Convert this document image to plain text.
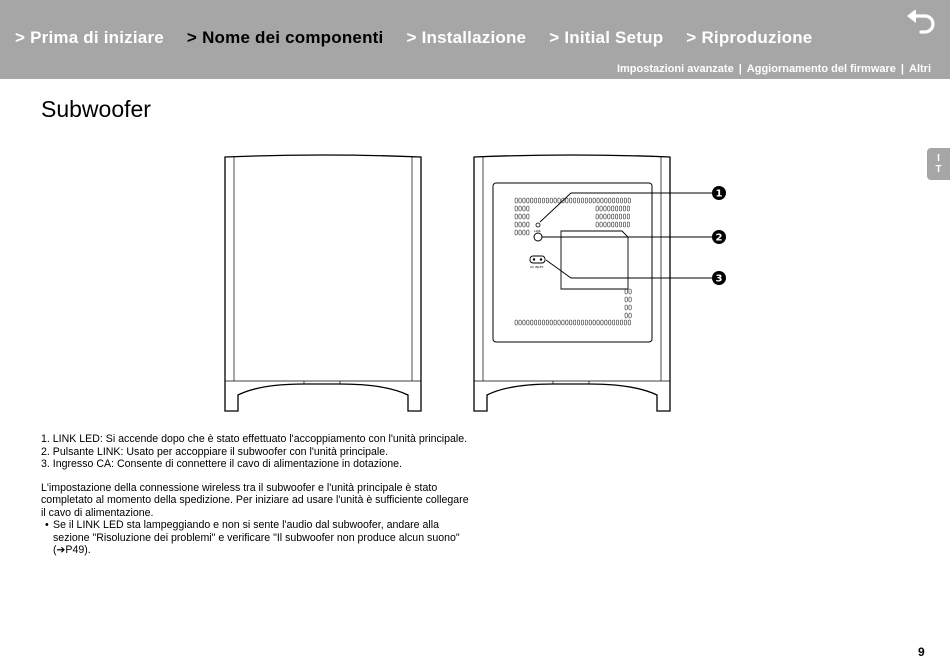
> Prima di iniziare > Nome dei componenti > Installazione > Initial Setup > Riproduzione
Impostazioni avanzate | Aggiornamento del firmware | Altri
Subwoofer
I
T
LINK
AC INLET
1
2
3
1. LINK LED: Si accende dopo che è stato effettuato l'accoppiamento con l'unità principale.
2. Pulsante LINK: Usato per accoppiare il subwoofer con l'unità principale.
3. Ingresso CA: Consente di connettere il cavo di alimentazione in dotazione.

L'impostazione della connessione wireless tra il subwoofer e l'unità principale è stato completato al momento della spedizione. Per iniziare ad usare l'unità è sufficiente collegare il cavo di alimentazione.

• Se il LINK LED sta lampeggiando e non si sente l'audio dal subwoofer, andare alla sezione "Risoluzione dei problemi" e verificare "Il subwoofer non produce alcun suono" (➔P49).
9
